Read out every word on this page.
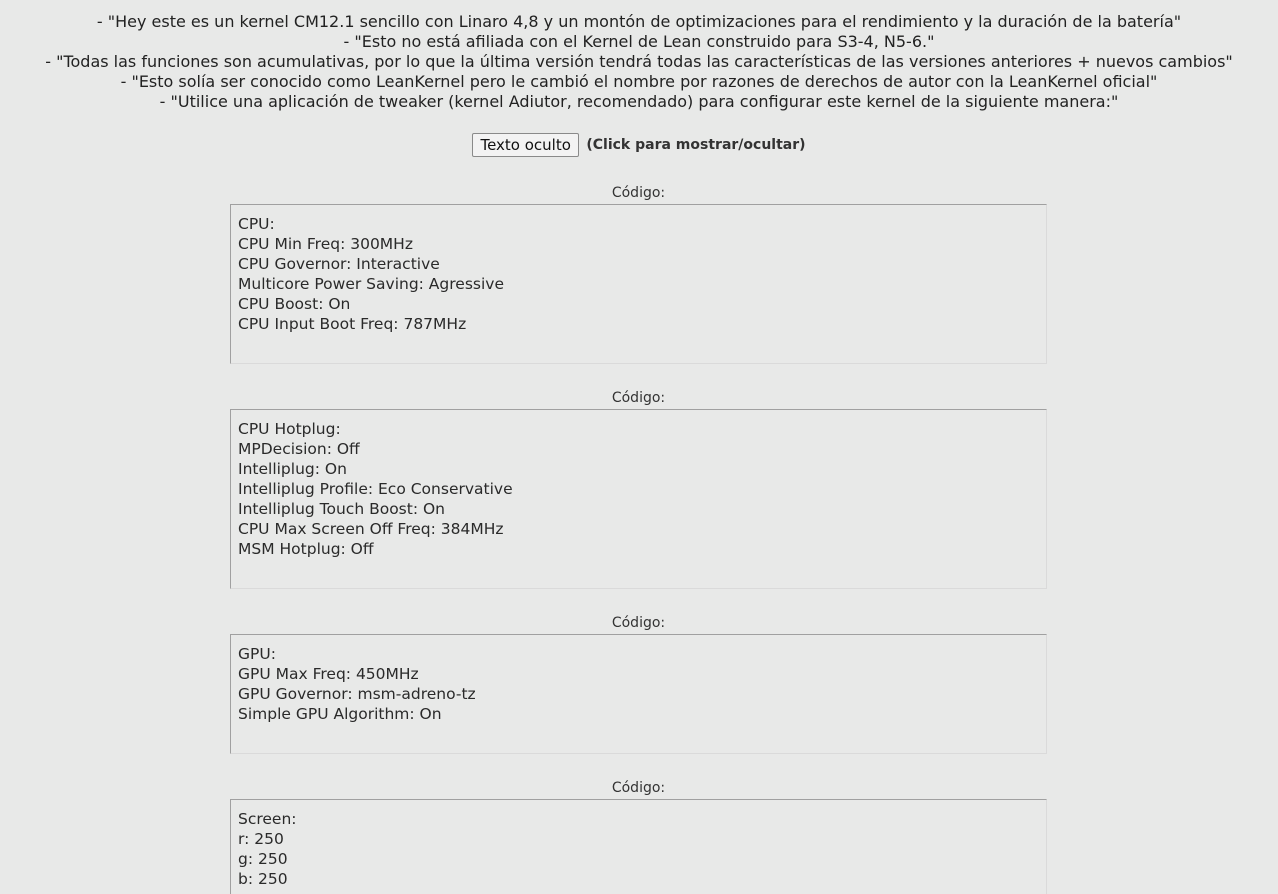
- "Hey este es un kernel CM12.1 sencillo con Linaro 4,8 y un montón de optimizaciones para el rendimiento y la duración de la batería"
- "Esto no está afiliada con el Kernel de Lean construido para S3-4, N5-6."
- "Todas las funciones son acumulativas, por lo que la última versión tendrá todas las características de las versiones anteriores + nuevos cambios"
- "Esto solía ser conocido como LeanKernel pero le cambió el nombre por razones de derechos de autor con la LeanKernel oficial"
- "Utilice una aplicación de tweaker (kernel Adiutor, recomendado) para configurar este kernel de la siguiente manera:"
Texto oculto (Click para mostrar/ocultar)
Código:
CPU:
CPU Min Freq: 300MHz
CPU Governor: Interactive
Multicore Power Saving: Agressive
CPU Boost: On
CPU Input Boot Freq: 787MHz
Código:
CPU Hotplug:
MPDecision: Off
Intelliplug: On
Intelliplug Profile: Eco Conservative
Intelliplug Touch Boost: On
CPU Max Screen Off Freq: 384MHz
MSM Hotplug: Off
Código:
GPU:
GPU Max Freq: 450MHz
GPU Governor: msm-adreno-tz
Simple GPU Algorithm: On
Código:
Screen:
r: 250
g: 250
b: 250
